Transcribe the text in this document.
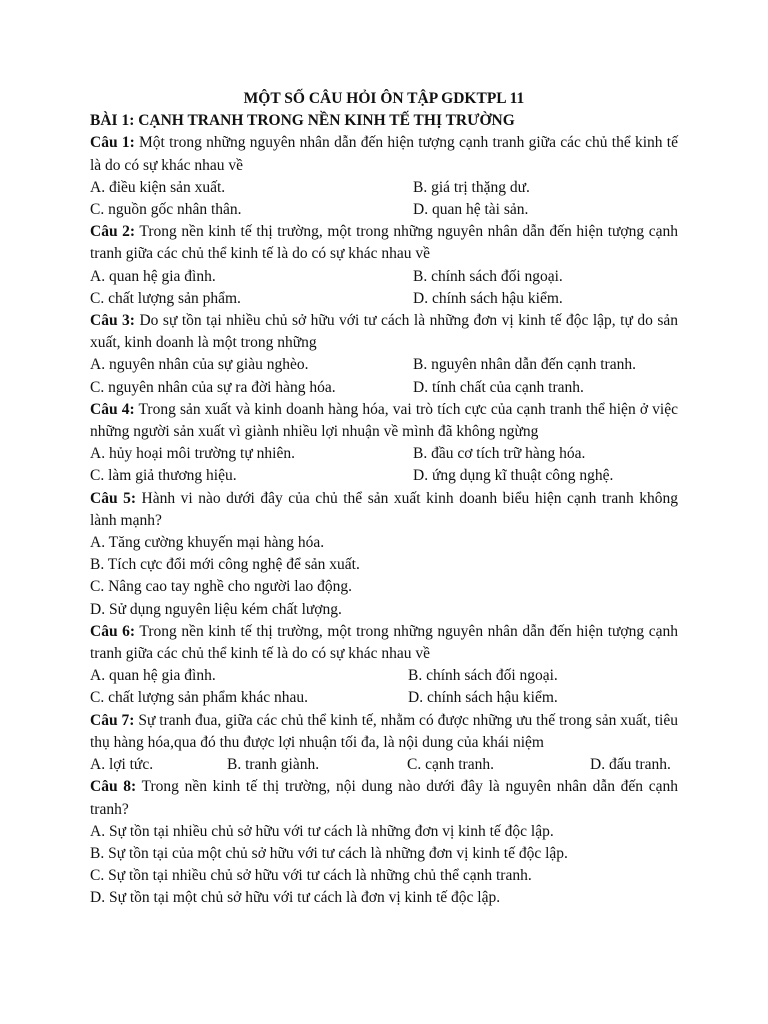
MỘT SỐ CÂU HỎI ÔN TẬP GDKTPL 11
BÀI 1: CẠNH TRANH TRONG NỀN KINH TẾ THỊ TRƯỜNG
Câu 1: Một trong những nguyên nhân dẫn đến hiện tượng cạnh tranh giữa các chủ thể kinh tế là do có sự khác nhau về
A. điều kiện sản xuất.	B. giá trị thặng dư.
C. nguồn gốc nhân thân.	D. quan hệ tài sản.
Câu 2: Trong nền kinh tế thị trường, một trong những nguyên nhân dẫn đến hiện tượng cạnh tranh giữa các chủ thể kinh tế là do có sự khác nhau về
A. quan hệ gia đình.	B. chính sách đối ngoại.
C. chất lượng sản phẩm.	D. chính sách hậu kiểm.
Câu 3: Do sự tồn tại nhiều chủ sở hữu với tư cách là những đơn vị kinh tế độc lập, tự do sản xuất, kinh doanh là một trong những
A. nguyên nhân của sự giàu nghèo.	B. nguyên nhân dẫn đến cạnh tranh.
C. nguyên nhân của sự ra đời hàng hóa.	D. tính chất của cạnh tranh.
Câu 4: Trong sản xuất và kinh doanh hàng hóa, vai trò tích cực của cạnh tranh thể hiện ở việc những người sản xuất vì giành nhiều lợi nhuận về mình đã không ngừng
A. hủy hoại môi trường tự nhiên.	B. đầu cơ tích trữ hàng hóa.
C. làm giả thương hiệu.	D. ứng dụng kĩ thuật công nghệ.
Câu 5: Hành vi nào dưới đây của chủ thể sản xuất kinh doanh biểu hiện cạnh tranh không lành mạnh?
A. Tăng cường khuyến mại hàng hóa.
B. Tích cực đổi mới công nghệ để sản xuất.
C. Nâng cao tay nghề cho người lao động.
D. Sử dụng nguyên liệu kém chất lượng.
Câu 6: Trong nền kinh tế thị trường, một trong những nguyên nhân dẫn đến hiện tượng cạnh tranh giữa các chủ thể kinh tế là do có sự khác nhau về
A. quan hệ gia đình.	B. chính sách đối ngoại.
C. chất lượng sản phẩm khác nhau.	D. chính sách hậu kiểm.
Câu 7: Sự tranh đua, giữa các chủ thể kinh tế, nhằm có được những ưu thế trong sản xuất, tiêu thụ hàng hóa,qua đó thu được lợi nhuận tối đa, là nội dung của khái niệm
A. lợi tức.	B. tranh giành.	C. cạnh tranh.	D. đấu tranh.
Câu 8: Trong nền kinh tế thị trường, nội dung nào dưới đây là nguyên nhân dẫn đến cạnh tranh?
A. Sự tồn tại nhiều chủ sở hữu với tư cách là những đơn vị kinh tế độc lập.
B. Sự tồn tại của một chủ sở hữu với tư cách là những đơn vị kinh tế độc lập.
C. Sự tồn tại nhiều chủ sở hữu với tư cách là những chủ thể cạnh tranh.
D. Sự tồn tại một chủ sở hữu với tư cách là đơn vị kinh tế độc lập.
